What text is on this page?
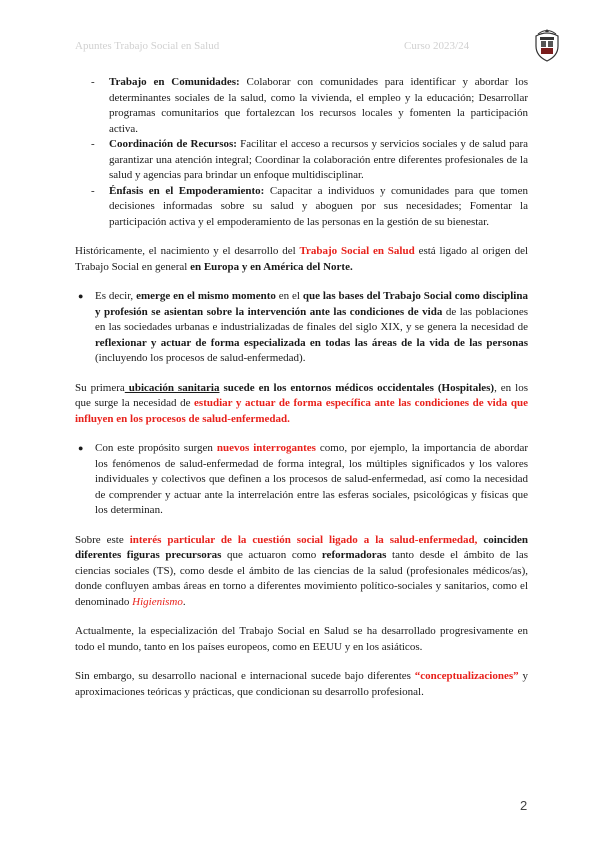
Apuntes Trabajo Social en Salud	Curso 2023/24

- Trabajo en Comunidades: Colaborar con comunidades para identificar y abordar los determinantes sociales de la salud, como la vivienda, el empleo y la educación; Desarrollar programas comunitarios que fortalezcan los recursos locales y fomenten la participación activa.

- Coordinación de Recursos: Facilitar el acceso a recursos y servicios sociales y de salud para garantizar una atención integral; Coordinar la colaboración entre diferentes profesionales de la salud y agencias para brindar un enfoque multidisciplinar.

- Énfasis en el Empoderamiento: Capacitar a individuos y comunidades para que tomen decisiones informadas sobre su salud y aboguen por sus necesidades; Fomentar la participación activa y el empoderamiento de las personas en la gestión de su bienestar.

Históricamente, el nacimiento y el desarrollo del Trabajo Social en Salud está ligado al origen del Trabajo Social en general en Europa y en América del Norte.

● Es decir, emerge en el mismo momento en el que las bases del Trabajo Social como disciplina y profesión se asientan sobre la intervención ante las condiciones de vida de las poblaciones en las sociedades urbanas e industrializadas de finales del siglo XIX, y se genera la necesidad de reflexionar y actuar de forma especializada en todas las áreas de la vida de las personas (incluyendo los procesos de salud-enfermedad).

Su primera ubicación sanitaria sucede en los entornos médicos occidentales (Hospitales), en los que surge la necesidad de estudiar y actuar de forma específica ante las condiciones de vida que influyen en los procesos de salud-enfermedad.

● Con este propósito surgen nuevos interrogantes como, por ejemplo, la importancia de abordar los fenómenos de salud-enfermedad de forma integral, los múltiples significados y los valores individuales y colectivos que definen a los procesos de salud-enfermedad, así como la necesidad de comprender y actuar ante la interrelación entre las esferas sociales, psicológicas y físicas que los determinan.

Sobre este interés particular de la cuestión social ligado a la salud-enfermedad, coinciden diferentes figuras precursoras que actuaron como reformadoras tanto desde el ámbito de las ciencias sociales (TS), como desde el ámbito de las ciencias de la salud (profesionales médicos/as), donde confluyen ambas áreas en torno a diferentes movimiento político-sociales y sanitarios, como el denominado Higienismo.

Actualmente, la especialización del Trabajo Social en Salud se ha desarrollado progresivamente en todo el mundo, tanto en los países europeos, como en EEUU y en los asiáticos.

Sin embargo, su desarrollo nacional e internacional sucede bajo diferentes “conceptualizaciones” y aproximaciones teóricas y prácticas, que condicionan su desarrollo profesional.

2
